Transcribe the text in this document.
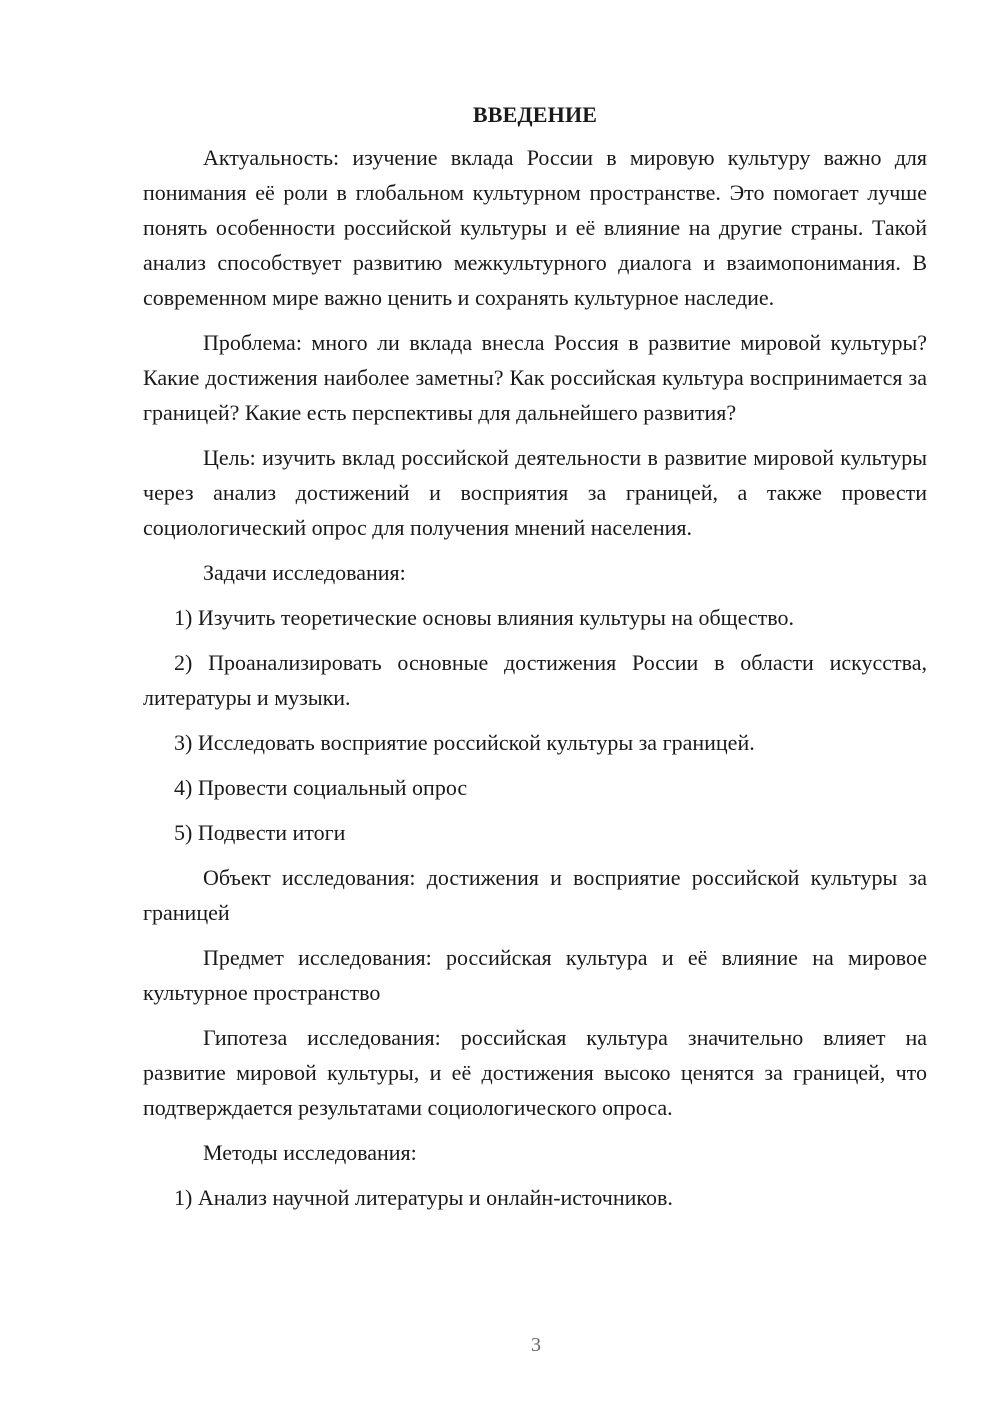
ВВЕДЕНИЕ

Актуальность: изучение вклада России в мировую культуру важно для понимания её роли в глобальном культурном пространстве. Это помогает лучше понять особенности российской культуры и её влияние на другие страны. Такой анализ способствует развитию межкультурного диалога и взаимопонимания. В современном мире важно ценить и сохранять культурное наследие.

Проблема: много ли вклада внесла Россия в развитие мировой культуры? Какие достижения наиболее заметны? Как российская культура воспринимается за границей? Какие есть перспективы для дальнейшего развития?

Цель: изучить вклад российской деятельности в развитие мировой культуры через анализ достижений и восприятия за границей, а также провести социологический опрос для получения мнений населения.

Задачи исследования:

1) Изучить теоретические основы влияния культуры на общество.

2) Проанализировать основные достижения России в области искусства, литературы и музыки.

3) Исследовать восприятие российской культуры за границей.

4) Провести социальный опрос

5) Подвести итоги

Объект исследования: достижения и восприятие российской культуры за границей

Предмет исследования: российская культура и её влияние на мировое культурное пространство

Гипотеза исследования: российская культура значительно влияет на развитие мировой культуры, и её достижения высоко ценятся за границей, что подтверждается результатами социологического опроса.

Методы исследования:

1) Анализ научной литературы и онлайн-источников.

3
